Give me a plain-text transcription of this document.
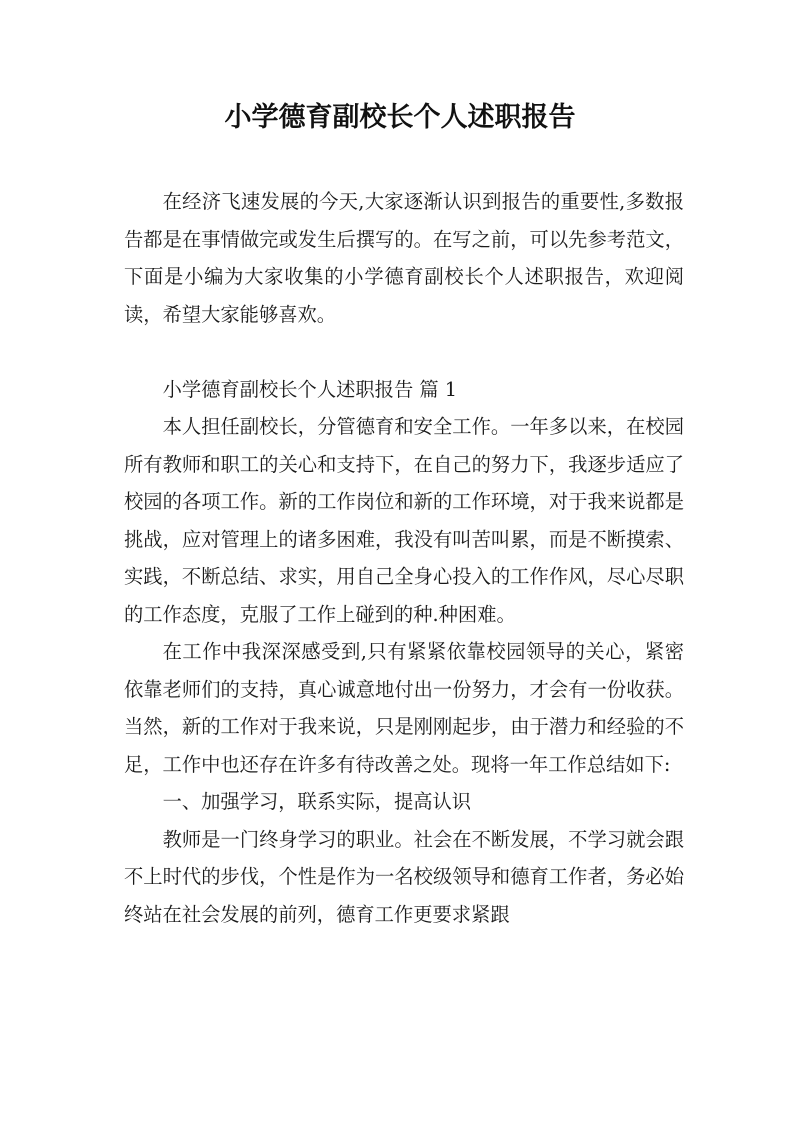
小学德育副校长个人述职报告

在经济飞速发展的今天,大家逐渐认识到报告的重要性,多数报告都是在事情做完或发生后撰写的。在写之前，可以先参考范文，下面是小编为大家收集的小学德育副校长个人述职报告，欢迎阅读，希望大家能够喜欢。

小学德育副校长个人述职报告 篇 1

本人担任副校长，分管德育和安全工作。一年多以来，在校园所有教师和职工的关心和支持下，在自己的努力下，我逐步适应了校园的各项工作。新的工作岗位和新的工作环境，对于我来说都是挑战，应对管理上的诸多困难，我没有叫苦叫累，而是不断摸索、实践，不断总结、求实，用自己全身心投入的工作作风，尽心尽职的工作态度，克服了工作上碰到的种.种困难。

在工作中我深深感受到,只有紧紧依靠校园领导的关心，紧密依靠老师们的支持，真心诚意地付出一份努力，才会有一份收获。当然，新的工作对于我来说，只是刚刚起步，由于潜力和经验的不足，工作中也还存在许多有待改善之处。现将一年工作总结如下:

一、加强学习，联系实际，提高认识

教师是一门终身学习的职业。社会在不断发展，不学习就会跟不上时代的步伐，个性是作为一名校级领导和德育工作者，务必始终站在社会发展的前列，德育工作更要求紧跟
